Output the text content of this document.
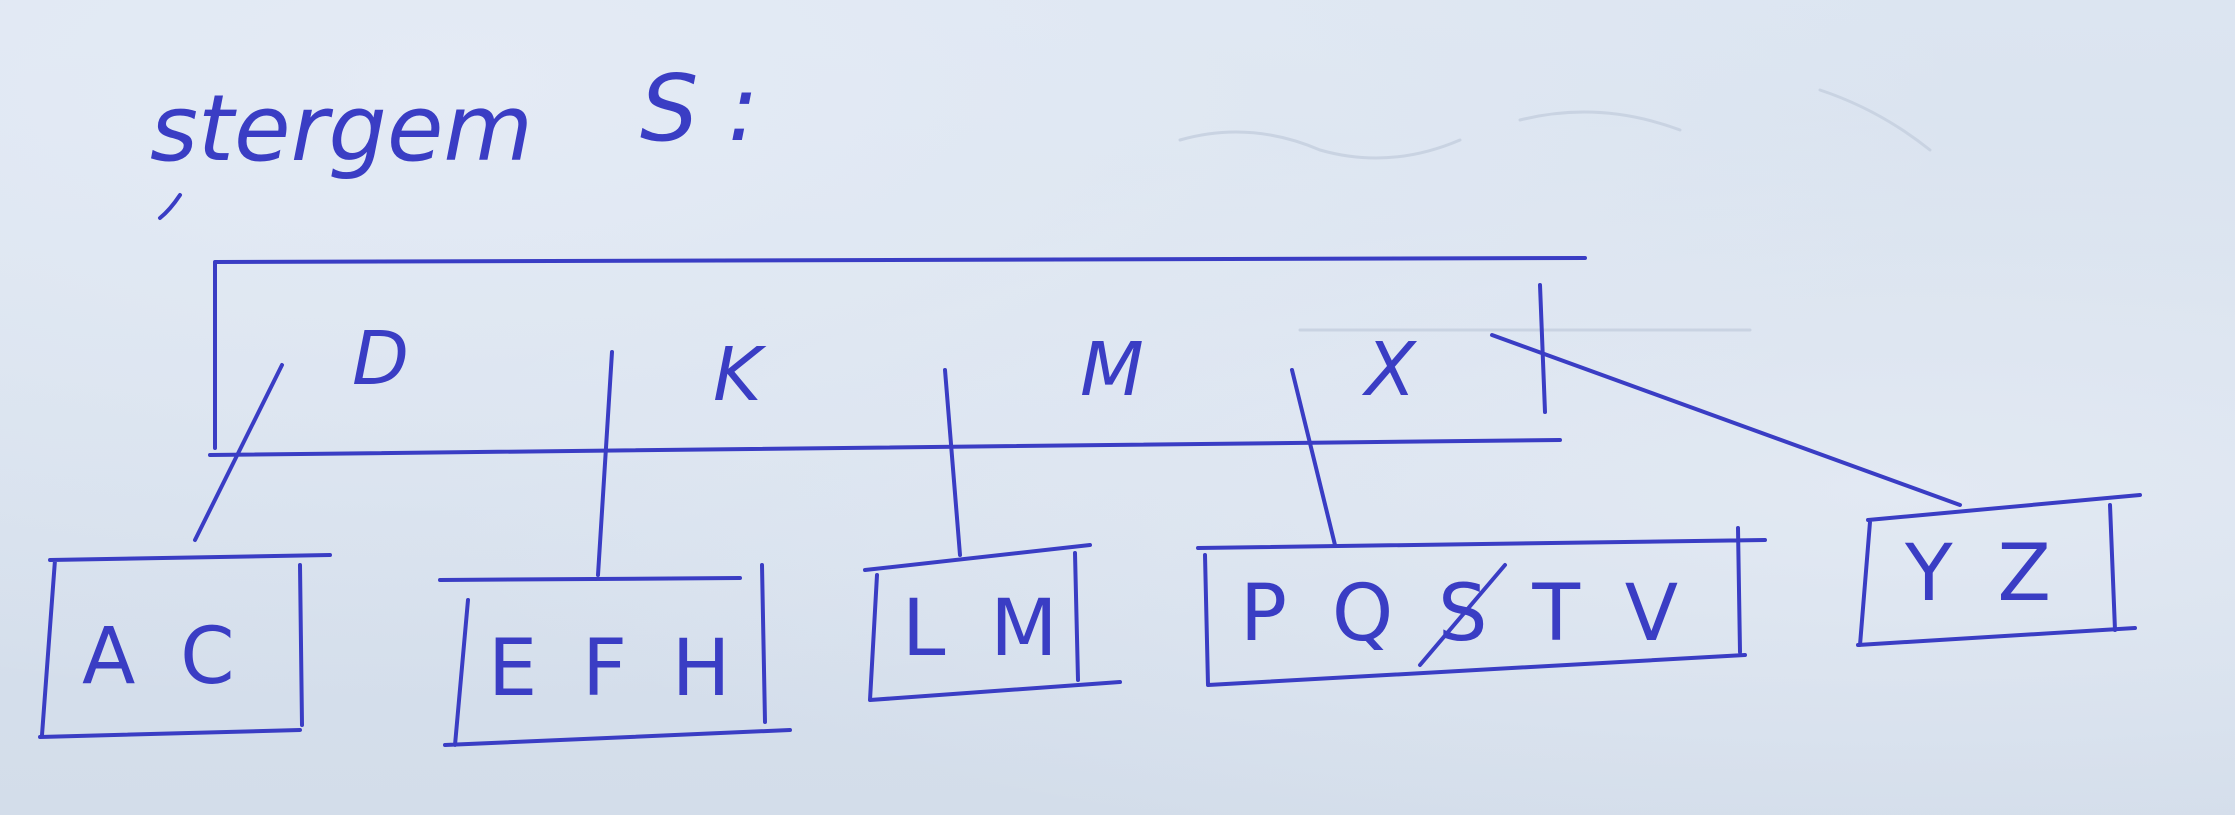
stergem S :
D	K	M	X
A C	E F H L M P Q S T V	Y Z
